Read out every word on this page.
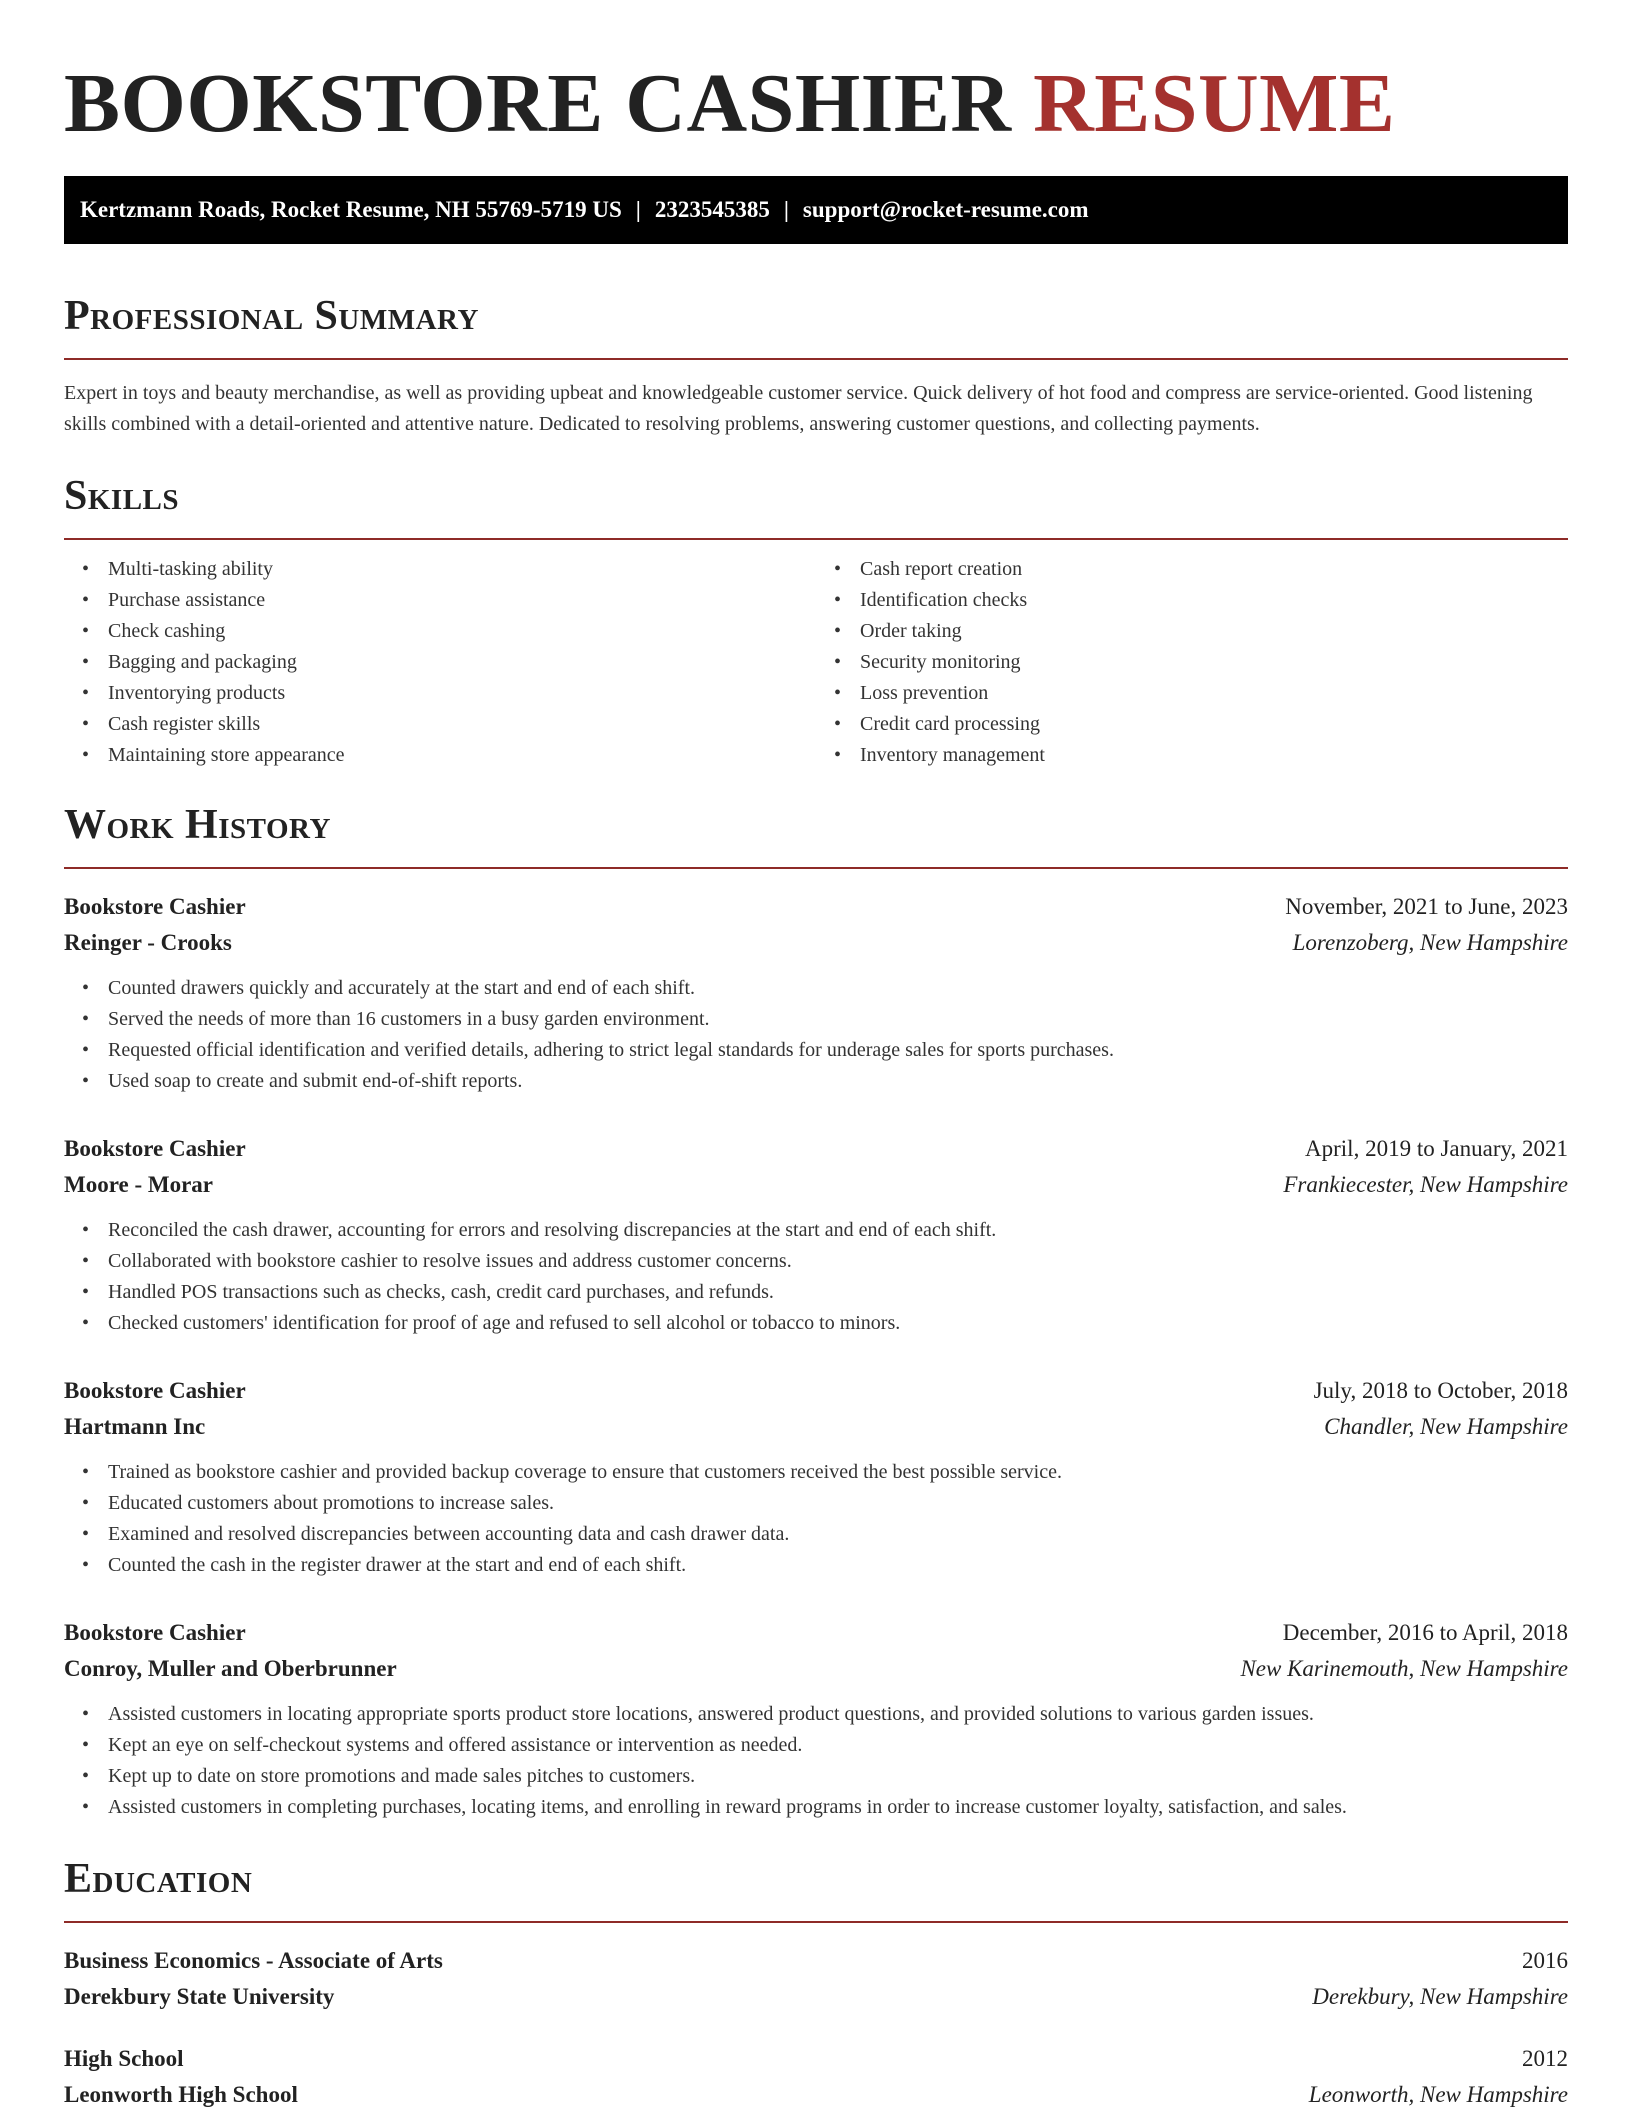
BOOKSTORE CASHIER RESUME
Kertzmann Roads, Rocket Resume, NH 55769-5719 US | 2323545385 | support@rocket-resume.com
Professional Summary

Expert in toys and beauty merchandise, as well as providing upbeat and knowledgeable customer service. Quick delivery of hot food and compress are service-oriented. Good listening skills combined with a detail-oriented and attentive nature. Dedicated to resolving problems, answering customer questions, and collecting payments.

Skills
• Multi-tasking ability
• Purchase assistance
• Check cashing
• Bagging and packaging
• Inventorying products
• Cash register skills
• Maintaining store appearance
• Cash report creation
• Identification checks
• Order taking
• Security monitoring
• Loss prevention
• Credit card processing
• Inventory management
Work History
Bookstore Cashier	November, 2021 to June, 2023
Reinger - Crooks	Lorenzoberg, New Hampshire
• Counted drawers quickly and accurately at the start and end of each shift.
• Served the needs of more than 16 customers in a busy garden environment.
• Requested official identification and verified details, adhering to strict legal standards for underage sales for sports purchases.
• Used soap to create and submit end-of-shift reports.
Bookstore Cashier	April, 2019 to January, 2021
Moore - Morar	Frankiecester, New Hampshire
• Reconciled the cash drawer, accounting for errors and resolving discrepancies at the start and end of each shift.
• Collaborated with bookstore cashier to resolve issues and address customer concerns.
• Handled POS transactions such as checks, cash, credit card purchases, and refunds.
• Checked customers' identification for proof of age and refused to sell alcohol or tobacco to minors.
Bookstore Cashier	July, 2018 to October, 2018
Hartmann Inc	Chandler, New Hampshire
• Trained as bookstore cashier and provided backup coverage to ensure that customers received the best possible service.
• Educated customers about promotions to increase sales.
• Examined and resolved discrepancies between accounting data and cash drawer data.
• Counted the cash in the register drawer at the start and end of each shift.
Bookstore Cashier	December, 2016 to April, 2018
Conroy, Muller and Oberbrunner	New Karinemouth, New Hampshire
• Assisted customers in locating appropriate sports product store locations, answered product questions, and provided solutions to various garden issues.
• Kept an eye on self-checkout systems and offered assistance or intervention as needed.
• Kept up to date on store promotions and made sales pitches to customers.
• Assisted customers in completing purchases, locating items, and enrolling in reward programs in order to increase customer loyalty, satisfaction, and sales.
Education
Business Economics - Associate of Arts	2016
Derekbury State University	Derekbury, New Hampshire
High School	2012
Leonworth High School	Leonworth, New Hampshire
